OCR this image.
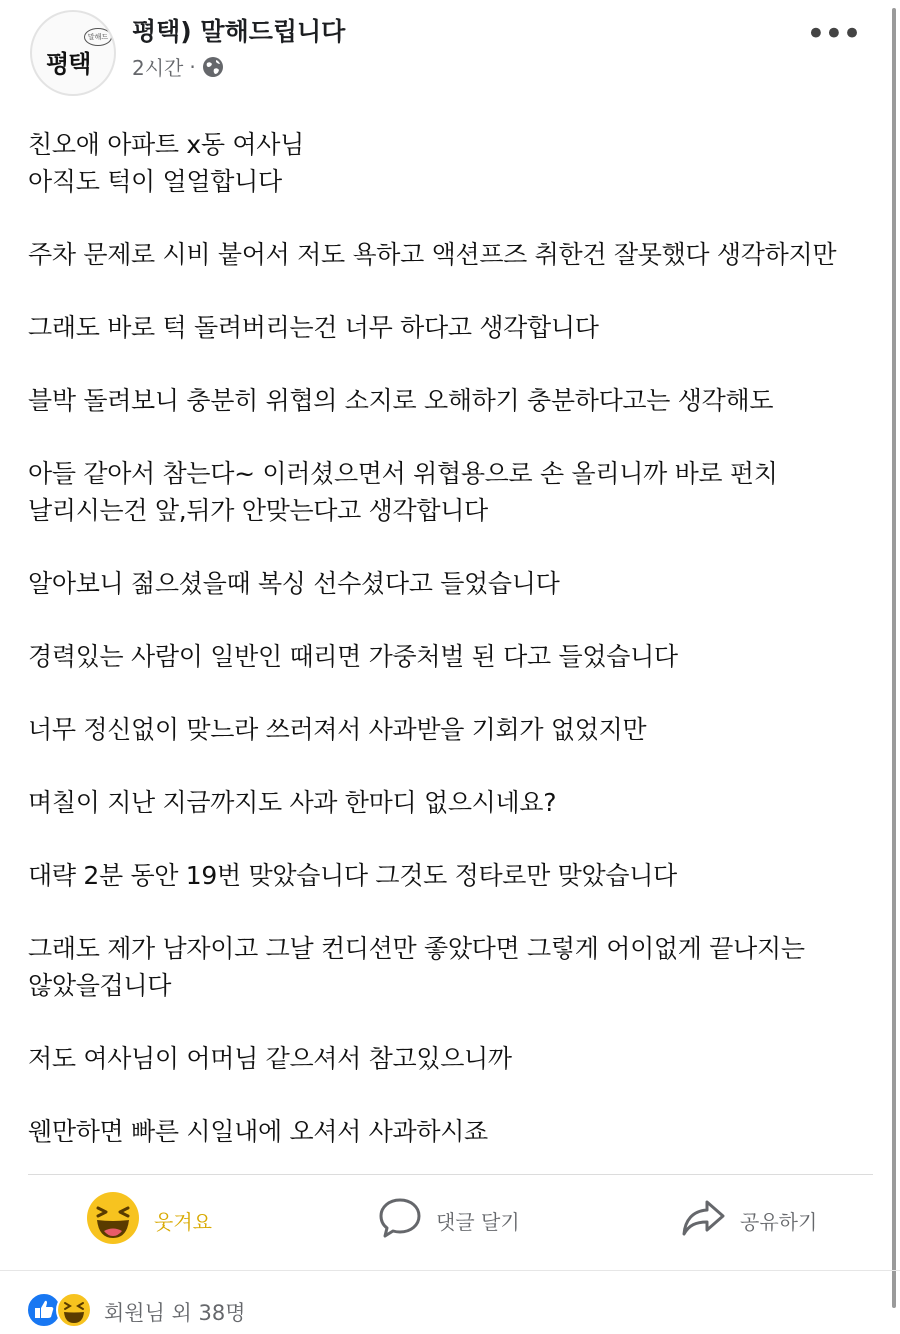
말해드
평택
평택) 말해드립니다
2시간 ·
•••

친오애 아파트 x동 여사님
아직도 턱이 얼얼합니다

주차 문제로 시비 붙어서 저도 욕하고 액션프즈 취한건 잘못했다 생각하지만

그래도 바로 턱 돌려버리는건 너무 하다고 생각합니다

블박 돌려보니 충분히 위협의 소지로 오해하기 충분하다고는 생각해도

아들 같아서 참는다~ 이러셨으면서 위협용으로 손 올리니까 바로 펀치
날리시는건 앞,뒤가 안맞는다고 생각합니다

알아보니 젊으셨을때 복싱 선수셨다고 들었습니다

경력있는 사람이 일반인 때리면 가중처벌 된 다고 들었습니다

너무 정신없이 맞느라 쓰러져서 사과받을 기회가 없었지만

며칠이 지난 지금까지도 사과 한마디 없으시네요?

대략 2분 동안 19번 맞았습니다 그것도 정타로만 맞았습니다

그래도 제가 남자이고 그날 컨디션만 좋았다면 그렇게 어이없게 끝나지는
않았을겁니다

저도 여사님이 어머님 같으셔서 참고있으니까

웬만하면 빠른 시일내에 오셔서 사과하시죠

웃겨요	댓글 달기	공유하기
회원님 외 38명
